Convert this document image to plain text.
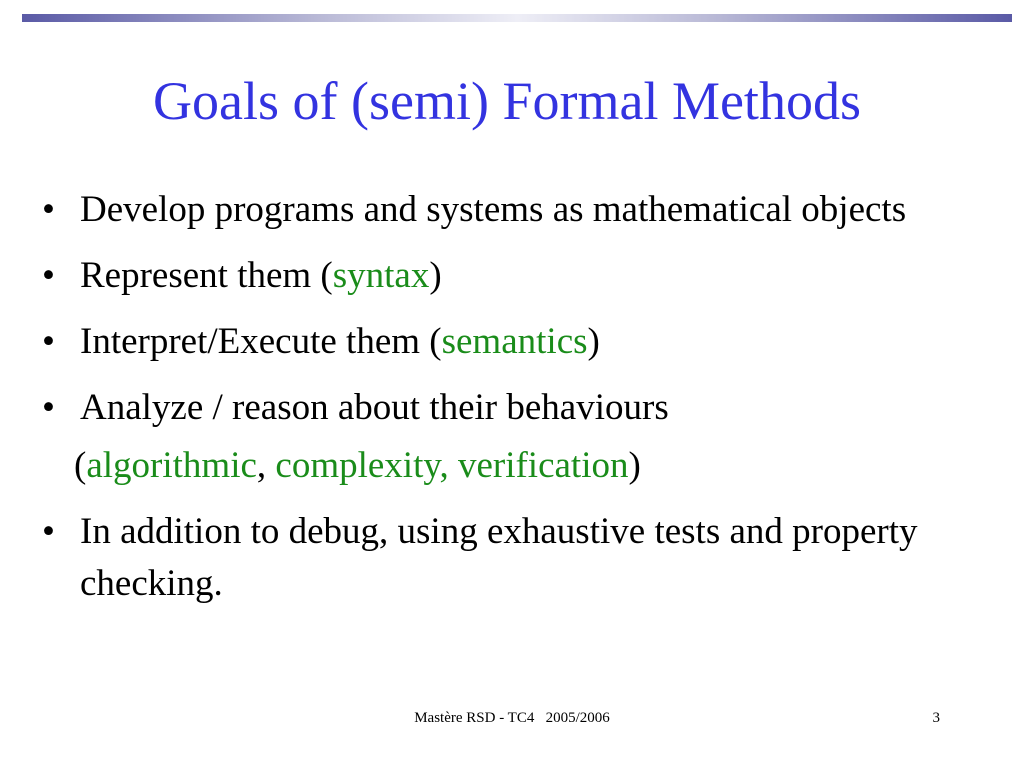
Goals of (semi) Formal Methods
• Develop programs and systems as mathematical objects
• Represent them (syntax)
• Interpret/Execute them (semantics)
• Analyze / reason about their behaviours
(algorithmic, complexity, verification)
• In addition to debug, using exhaustive tests and property checking.
Mastère RSD - TC4   2005/2006	3
